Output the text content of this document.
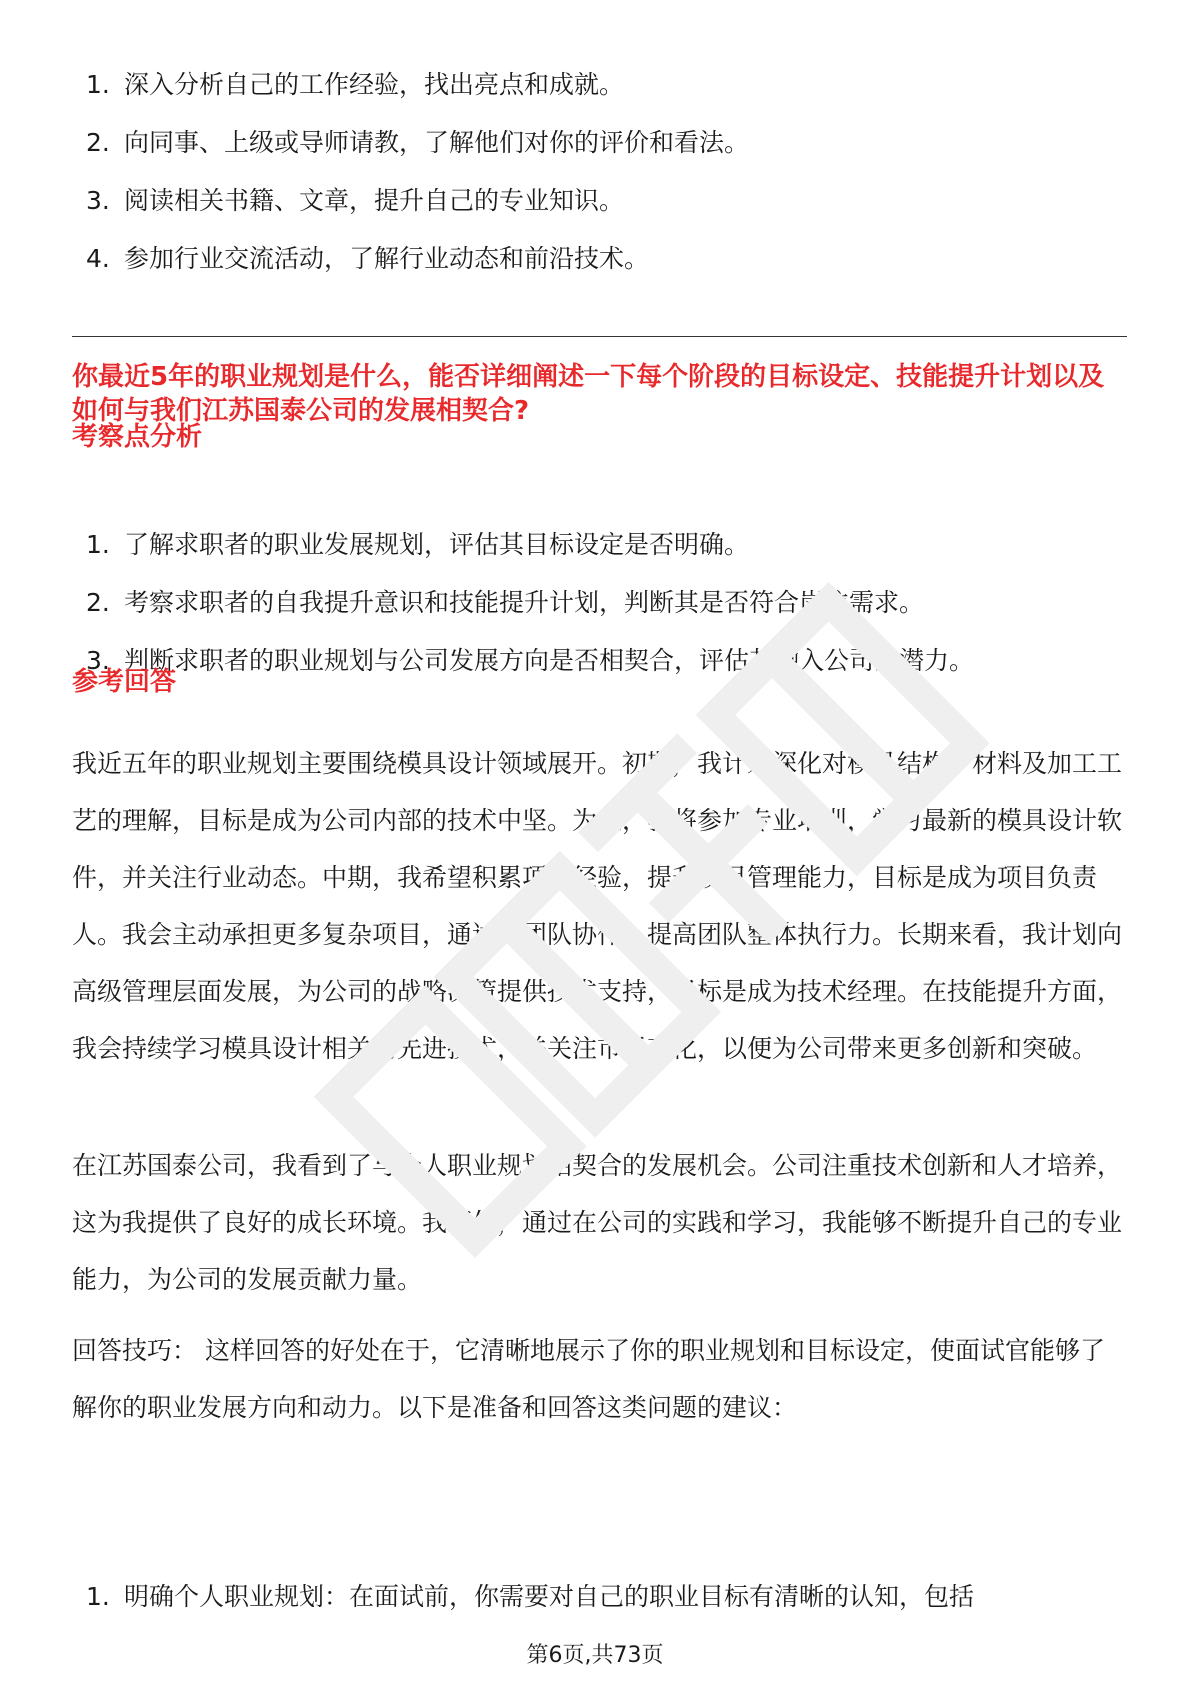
1. 深入分析自己的工作经验，找出亮点和成就。
2. 向同事、上级或导师请教，了解他们对你的评价和看法。
3. 阅读相关书籍、文章，提升自己的专业知识。
4. 参加行业交流活动，了解行业动态和前沿技术。
你最近5年的职业规划是什么，能否详细阐述一下每个阶段的目标设定、技能提升计划以及如何与我们江苏国泰公司的发展相契合?
考察点分析
1. 了解求职者的职业发展规划，评估其目标设定是否明确。
2. 考察求职者的自我提升意识和技能提升计划，判断其是否符合岗位需求。
3. 判断求职者的职业规划与公司发展方向是否相契合，评估其融入公司的潜力。
参考回答

我近五年的职业规划主要围绕模具设计领域展开。初期，我计划深化对模具结构、材料及加工工艺的理解，目标是成为公司内部的技术中坚。为此，我将参加专业培训，学习最新的模具设计软件，并关注行业动态。中期，我希望积累项目经验，提升项目管理能力，目标是成为项目负责人。我会主动承担更多复杂项目，通过与团队协作，提高团队整体执行力。长期来看，我计划向高级管理层面发展，为公司的战略决策提供技术支持，目标是成为技术经理。在技能提升方面，我会持续学习模具设计相关的先进技术，并关注市场变化，以便为公司带来更多创新和突破。

在江苏国泰公司，我看到了与个人职业规划相契合的发展机会。公司注重技术创新和人才培养，这为我提供了良好的成长环境。我相信，通过在公司的实践和学习，我能够不断提升自己的专业能力，为公司的发展贡献力量。

回答技巧： 这样回答的好处在于，它清晰地展示了你的职业规划和目标设定，使面试官能够了解你的职业发展方向和动力。以下是准备和回答这类问题的建议：

1. 明确个人职业规划：在面试前，你需要对自己的职业目标有清晰的认知，包括
第6页,共73页
